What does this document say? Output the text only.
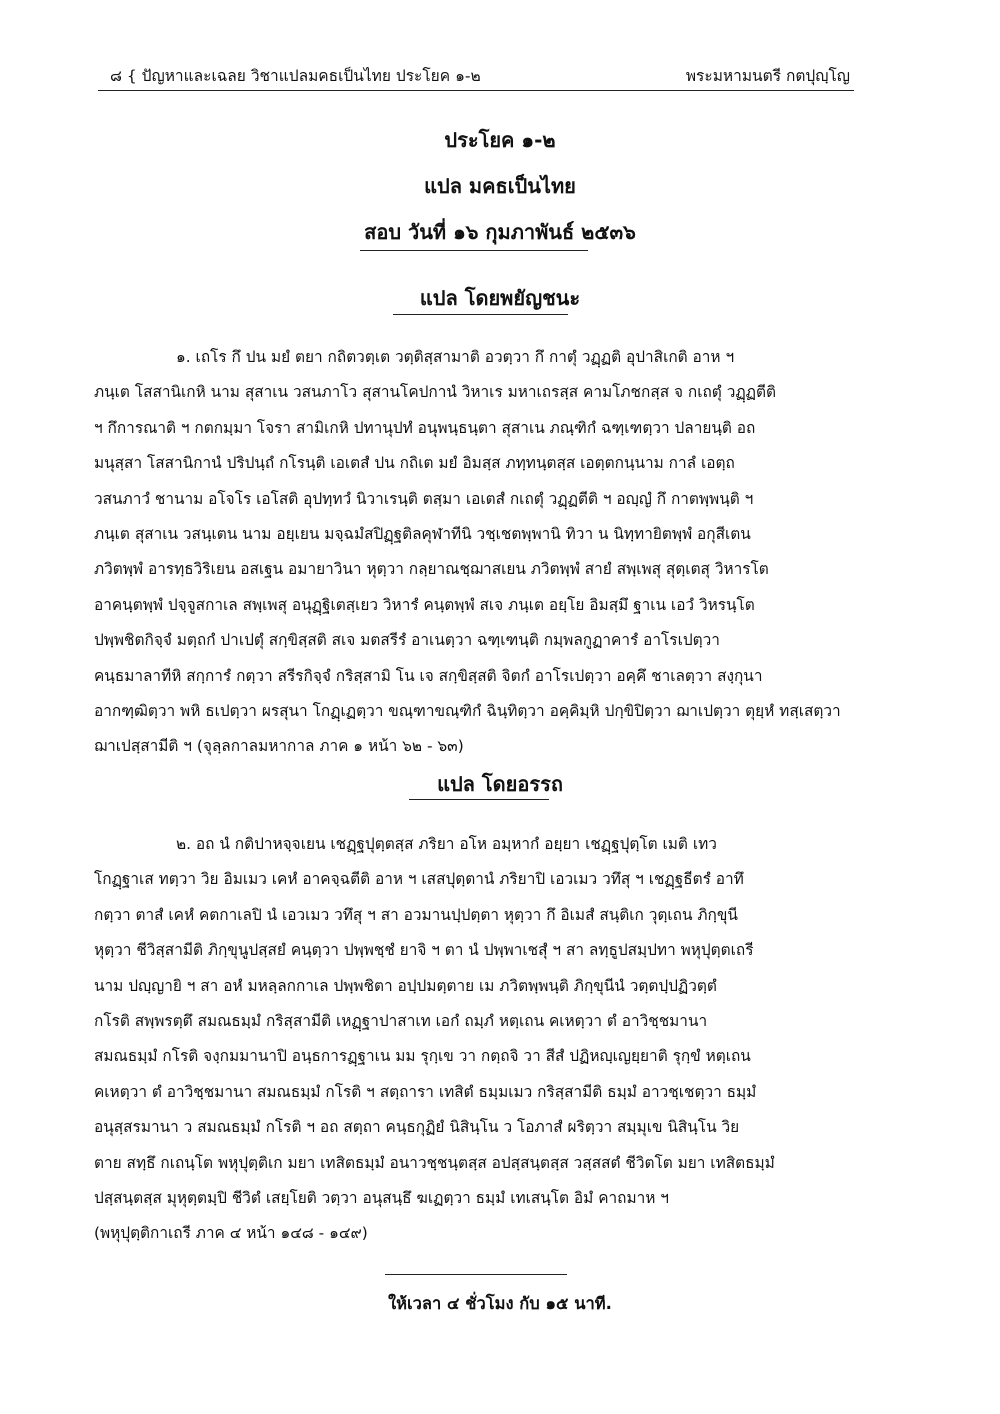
๘ { ปัญหาและเฉลย วิชาแปลมคธเป็นไทย ประโยค ๑-๒	พระมหามนตรี กตปุญฺโญ
ประโยค ๑-๒
แปล มคธเป็นไทย
สอบ วันที่ ๑๖ กุมภาพันธ์ ๒๕๓๖
แปล โดยพยัญชนะ
๑. เถโร กึ ปน มยํ ตยา กถิตวตฺเต วตฺติสฺสามาติ อวตฺวา กึ กาตุํ วฏฺฏติ อุปาสิเกติ อาห ฯ
ภนฺเต โสสานิเกหิ นาม สุสาเน วสนภาโว สุสานโคปกานํ วิหาเร มหาเถรสฺส คามโภชกสฺส จ กเถตุํ วฏฺฏตีติ
ฯ กึการณาติ ฯ กตกมฺมา โจรา สามิเกหิ ปทานุปทํ อนุพนฺธนฺตา สุสาเน ภณฺฑิกํ ฉฑฺเฑตฺวา ปลายนฺติ อถ
มนุสฺสา โสสานิกานํ ปริปนฺถํ กโรนฺติ เอเตสํ ปน กถิเต มยํ อิมสฺส ภทฺทนฺตสฺส เอตฺตกนฺนาม กาลํ เอตฺถ
วสนภาวํ ชานาม อโจโร เอโสติ อุปทฺทวํ นิวาเรนฺติ ตสฺมา เอเตสํ กเถตุํ วฏฺฏตีติ ฯ อญฺญํ กึ กาตพฺพนฺติ ฯ
ภนฺเต สุสาเน วสนฺเตน นาม อยฺเยน มจฺฉมํสปิฏฺฐติลคุฬาทีนิ วชฺเชตพฺพานิ ทิวา น นิทฺทายิตพฺพํ อกุสีเตน
ภวิตพฺพํ อารทฺธวิริเยน อสเฐน อมายาวินา หุตฺวา กลฺยาณชฺฌาสเยน ภวิตพฺพํ สายํ สพฺเพสุ สุตฺเตสุ วิหารโต
อาคนฺตพฺพํ ปจฺจูสกาเล สพฺเพสุ อนุฏฺฐิเตสฺเยว วิหารํ คนฺตพฺพํ สเจ ภนฺเต อยฺโย อิมสฺมึ ฐาเน เอวํ วิหรนฺโต
ปพฺพชิตกิจฺจํ มตฺถกํ ปาเปตุํ สกฺขิสฺสติ สเจ มตสรีรํ อาเนตฺวา ฉฑฺเฑนฺติ กมฺพลกูฏาคารํ อาโรเปตฺวา
คนฺธมาลาทีหิ สกฺการํ กตฺวา สรีรกิจฺจํ กริสฺสามิ โน เจ สกฺขิสฺสติ จิตกํ อาโรเปตฺวา อคฺคึ ชาเลตฺวา สงฺกุนา
อากฑฺฒิตฺวา พหิ ธเปตฺวา ผรสุนา โกฏฺเฏตฺวา ขณฺฑาขณฺฑิกํ ฉินฺทิตฺวา อคฺคิมฺหิ ปกฺขิปิตฺวา ฌาเปตฺวา ตุยฺหํ ทสฺเสตฺวา
ฌาเปสฺสามีติ ฯ (จุลฺลกาลมหากาล ภาค ๑ หน้า ๖๒ - ๖๓)
แปล โดยอรรถ
๒. อถ นํ กติปาหจฺจเยน เชฏฺฐปุตฺตสฺส ภริยา อโห อมฺหากํ อยฺยา เชฏฺฐปุตฺโต เมติ เทว
โกฏฺฐาเส ทตฺวา วิย อิมเมว เคหํ อาคจฺฉตีติ อาห ฯ เสสปุตฺตานํ ภริยาปิ เอวเมว วทึสุ ฯ เชฏฺฐธีตรํ อาทึ
กตฺวา ตาสํ เคหํ คตกาเลปิ นํ เอวเมว วทึสุ ฯ สา อวมานปฺปตฺตา หุตฺวา กึ อิเมสํ สนฺติเก วุตฺเถน ภิกฺขุนี
หุตฺวา ชีวิสฺสามีติ ภิกฺขุนูปสฺสยํ คนฺตฺวา ปพฺพชฺชํ ยาจิ ฯ ตา นํ ปพฺพาเชสุํ ฯ สา ลทฺธูปสมฺปทา พหุปุตฺตเถรี
นาม ปญฺญายิ ฯ สา อหํ มหลฺลกกาเล ปพฺพชิตา อปฺปมตฺตาย เม ภวิตพฺพนฺติ ภิกฺขุนีนํ วตฺตปฺปฏิวตฺตํ
กโรติ สพฺพรตฺตึ สมณธมฺมํ กริสฺสามีติ เหฏฺฐาปาสาเท เอกํ ถมฺภํ หตฺเถน คเหตฺวา ตํ อาวิชฺชมานา
สมณธมฺมํ กโรติ จงฺกมมานาปิ อนฺธการฏฺฐาเน มม รุกฺเข วา กตฺถจิ วา สีสํ ปฏิหญฺเญยฺยาติ รุกฺขํ หตฺเถน
คเหตฺวา ตํ อาวิชฺชมานา สมณธมฺมํ กโรติ ฯ สตฺถารา เทสิตํ ธมฺมเมว กริสฺสามีติ ธมฺมํ อาวชฺเชตฺวา ธมฺมํ
อนุสฺสรมานา ว สมณธมฺมํ กโรติ ฯ อถ สตฺถา คนฺธกุฏิยํ นิสินฺโน ว โอภาสํ ผริตฺวา สมฺมุเข นิสินฺโน วิย
ตาย สทฺธึ กเถนฺโต พหุปุตฺติเก มยา เทสิตธมฺมํ อนาวชฺชนฺตสฺส อปสฺสนฺตสฺส วสฺสสตํ ชีวิตโต มยา เทสิตธมฺมํ
ปสฺสนฺตสฺส มุหุตฺตมฺปิ ชีวิตํ เสยฺโยติ วตฺวา อนุสนฺธึ ฆเฏตฺวา ธมฺมํ เทเสนฺโต อิมํ คาถมาห ฯ
(พหุปุตฺติกาเถรี ภาค ๔ หน้า ๑๔๘ - ๑๔๙)
ให้เวลา ๔ ชั่วโมง กับ ๑๕ นาที.
